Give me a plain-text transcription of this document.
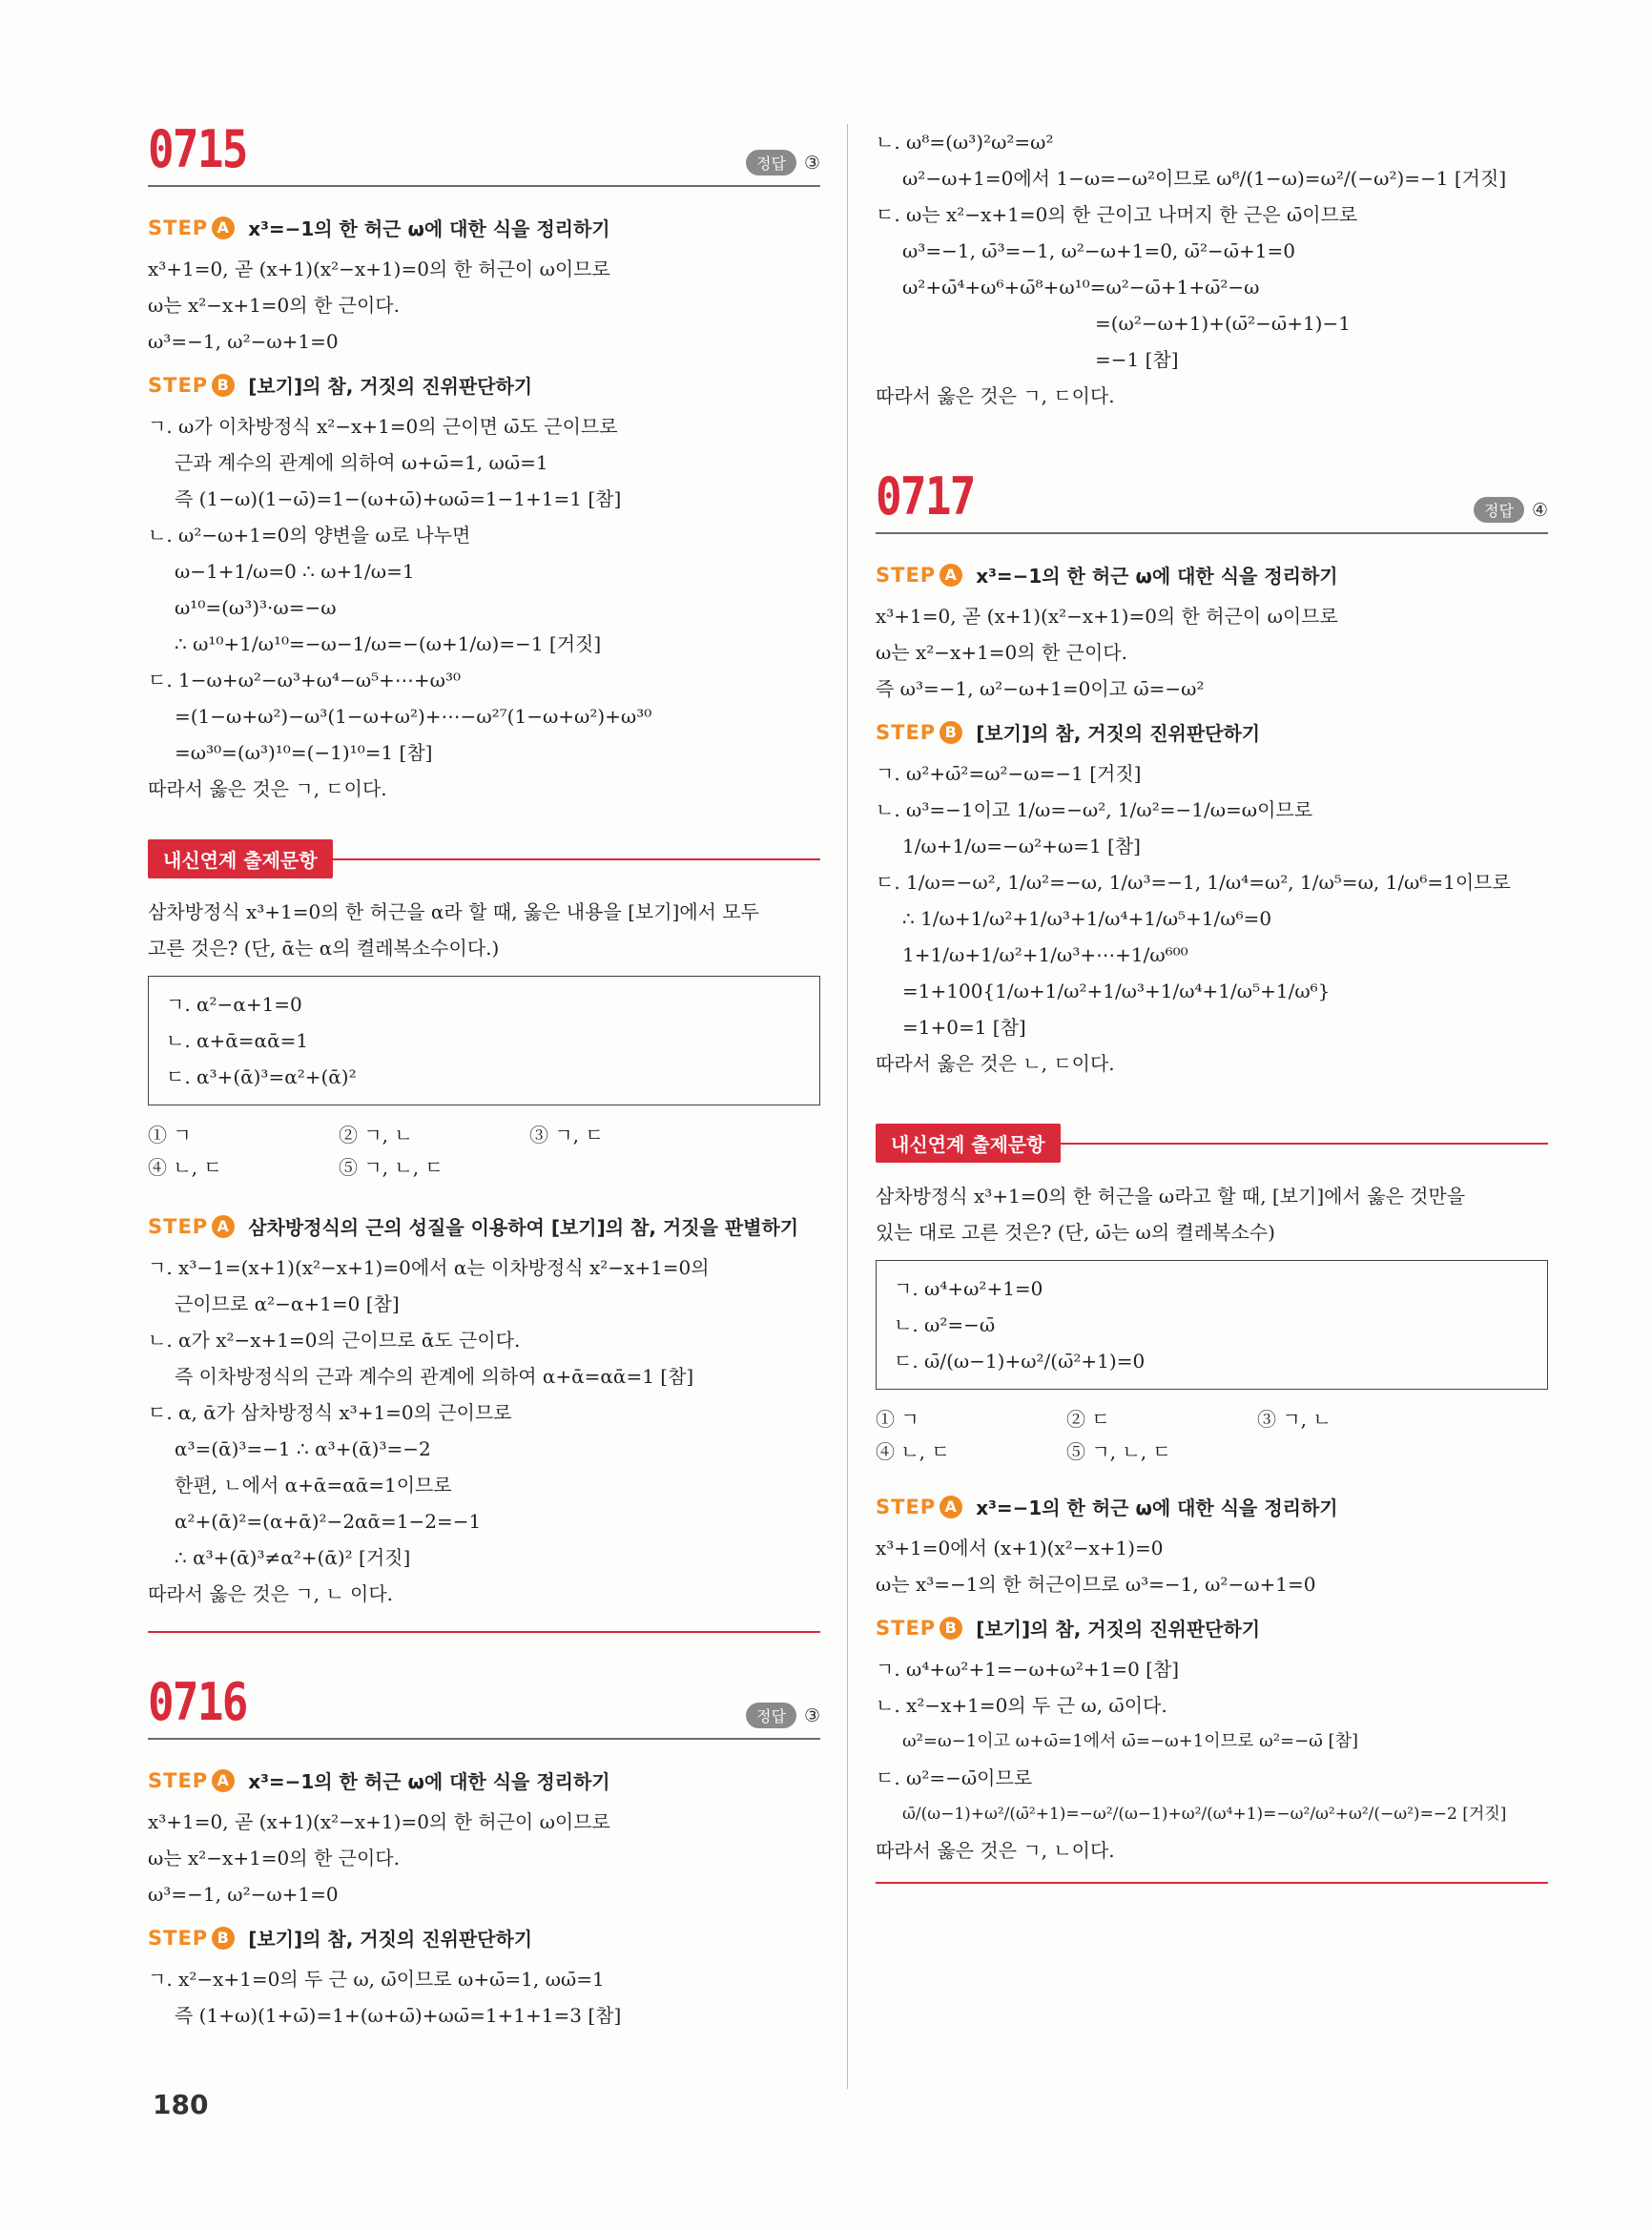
0715	정답	③
STEP A x³=−1의 한 허근 ω에 대한 식을 정리하기
x³+1=0, 곧 (x+1)(x²−x+1)=0의 한 허근이 ω이므로
ω는 x²−x+1=0의 한 근이다.
ω³=−1, ω²−ω+1=0
STEP B [보기]의 참, 거짓의 진위판단하기
ㄱ. ω가 이차방정식 x²−x+1=0의 근이면 ω̄도 근이므로
근과 계수의 관계에 의하여 ω+ω̄=1, ωω̄=1
즉 (1−ω)(1−ω̄)=1−(ω+ω̄)+ωω̄=1−1+1=1 [참]
ㄴ. ω²−ω+1=0의 양변을 ω로 나누면
ω−1+1/ω=0 ∴ ω+1/ω=1
ω¹⁰=(ω³)³·ω=−ω
∴ ω¹⁰+1/ω¹⁰=−ω−1/ω=−(ω+1/ω)=−1 [거짓]
ㄷ. 1−ω+ω²−ω³+ω⁴−ω⁵+⋯+ω³⁰
=(1−ω+ω²)−ω³(1−ω+ω²)+⋯−ω²⁷(1−ω+ω²)+ω³⁰
=ω³⁰=(ω³)¹⁰=(−1)¹⁰=1 [참]
따라서 옳은 것은 ㄱ, ㄷ이다.
내신연계 출제문항
삼차방정식 x³+1=0의 한 허근을 α라 할 때, 옳은 내용을 [보기]에서 모두
고른 것은? (단, ᾱ는 α의 켤레복소수이다.)
ㄱ. α²−α+1=0
ㄴ. α+ᾱ=αᾱ=1
ㄷ. α³+(ᾱ)³=α²+(ᾱ)²
① ㄱ	② ㄱ, ㄴ	③ ㄱ, ㄷ
④ ㄴ, ㄷ	⑤ ㄱ, ㄴ, ㄷ
STEP A 삼차방정식의 근의 성질을 이용하여 [보기]의 참, 거짓을 판별하기
ㄱ. x³−1=(x+1)(x²−x+1)=0에서 α는 이차방정식 x²−x+1=0의
근이므로 α²−α+1=0 [참]
ㄴ. α가 x²−x+1=0의 근이므로 ᾱ도 근이다.
즉 이차방정식의 근과 계수의 관계에 의하여 α+ᾱ=αᾱ=1 [참]
ㄷ. α, ᾱ가 삼차방정식 x³+1=0의 근이므로
α³=(ᾱ)³=−1 ∴ α³+(ᾱ)³=−2
한편, ㄴ에서 α+ᾱ=αᾱ=1이므로
α²+(ᾱ)²=(α+ᾱ)²−2αᾱ=1−2=−1
∴ α³+(ᾱ)³≠α²+(ᾱ)² [거짓]
따라서 옳은 것은 ㄱ, ㄴ 이다.
0716	정답	③
STEP A x³=−1의 한 허근 ω에 대한 식을 정리하기
x³+1=0, 곧 (x+1)(x²−x+1)=0의 한 허근이 ω이므로
ω는 x²−x+1=0의 한 근이다.
ω³=−1, ω²−ω+1=0
STEP B [보기]의 참, 거짓의 진위판단하기
ㄱ. x²−x+1=0의 두 근 ω, ω̄이므로 ω+ω̄=1, ωω̄=1
즉 (1+ω)(1+ω̄)=1+(ω+ω̄)+ωω̄=1+1+1=3 [참]
ㄴ. ω⁸=(ω³)²ω²=ω²
ω²−ω+1=0에서 1−ω=−ω²이므로 ω⁸/(1−ω)=ω²/(−ω²)=−1 [거짓]
ㄷ. ω는 x²−x+1=0의 한 근이고 나머지 한 근은 ω̄이므로
ω³=−1, ω̄³=−1, ω²−ω+1=0, ω̄²−ω̄+1=0
ω²+ω̄⁴+ω⁶+ω̄⁸+ω¹⁰=ω²−ω̄+1+ω̄²−ω
=(ω²−ω+1)+(ω̄²−ω̄+1)−1
=−1 [참]
따라서 옳은 것은 ㄱ, ㄷ이다.
0717	정답	④
STEP A x³=−1의 한 허근 ω에 대한 식을 정리하기
x³+1=0, 곧 (x+1)(x²−x+1)=0의 한 허근이 ω이므로
ω는 x²−x+1=0의 한 근이다.
즉 ω³=−1, ω²−ω+1=0이고 ω̄=−ω²
STEP B [보기]의 참, 거짓의 진위판단하기
ㄱ. ω²+ω̄²=ω²−ω=−1 [거짓]
ㄴ. ω³=−1이고 1/ω=−ω², 1/ω²=−1/ω=ω이므로
1/ω+1/ω=−ω²+ω=1 [참]
ㄷ. 1/ω=−ω², 1/ω²=−ω, 1/ω³=−1, 1/ω⁴=ω², 1/ω⁵=ω, 1/ω⁶=1이므로
∴ 1/ω+1/ω²+1/ω³+1/ω⁴+1/ω⁵+1/ω⁶=0
1+1/ω+1/ω²+1/ω³+⋯+1/ω⁶⁰⁰
=1+100{1/ω+1/ω²+1/ω³+1/ω⁴+1/ω⁵+1/ω⁶}
=1+0=1 [참]
따라서 옳은 것은 ㄴ, ㄷ이다.
내신연계 출제문항
삼차방정식 x³+1=0의 한 허근을 ω라고 할 때, [보기]에서 옳은 것만을
있는 대로 고른 것은? (단, ω̄는 ω의 켤레복소수)
ㄱ. ω⁴+ω²+1=0
ㄴ. ω²=−ω̄
ㄷ. ω̄/(ω−1)+ω²/(ω̄²+1)=0
① ㄱ	② ㄷ	③ ㄱ, ㄴ
④ ㄴ, ㄷ	⑤ ㄱ, ㄴ, ㄷ
STEP A x³=−1의 한 허근 ω에 대한 식을 정리하기
x³+1=0에서 (x+1)(x²−x+1)=0
ω는 x³=−1의 한 허근이므로 ω³=−1, ω²−ω+1=0
STEP B [보기]의 참, 거짓의 진위판단하기
ㄱ. ω⁴+ω²+1=−ω+ω²+1=0 [참]
ㄴ. x²−x+1=0의 두 근 ω, ω̄이다.
ω²=ω−1이고 ω+ω̄=1에서 ω̄=−ω+1이므로 ω²=−ω̄ [참]
ㄷ. ω²=−ω̄이므로
ω̄/(ω−1)+ω²/(ω̄²+1)=−ω²/(ω−1)+ω²/(ω⁴+1)=−ω²/ω²+ω²/(−ω²)=−2 [거짓]
따라서 옳은 것은 ㄱ, ㄴ이다.
180
